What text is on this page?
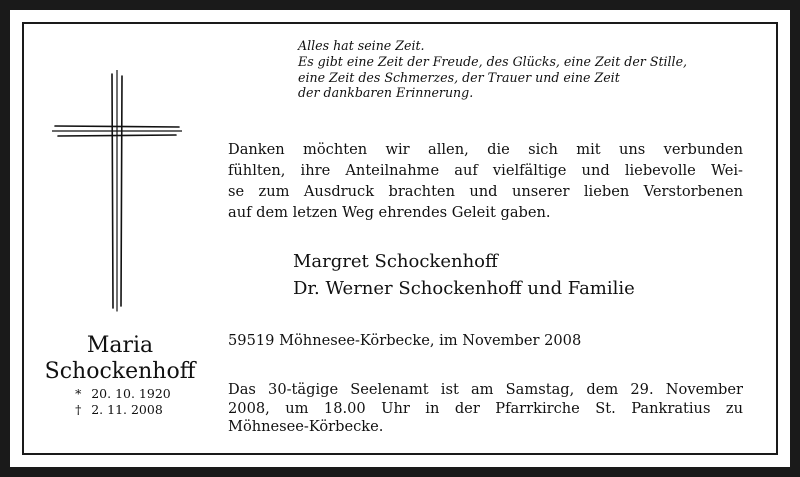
Alles hat seine Zeit.
Es gibt eine Zeit der Freude, des Glücks, eine Zeit der Stille,
eine Zeit des Schmerzes, der Trauer und eine Zeit
der dankbaren Erinnerung.
Danken möchten wir allen, die sich mit uns verbunden
fühlten, ihre Anteilnahme auf vielfältige und liebevolle Wei-
se zum Ausdruck brachten und unserer lieben Verstorbenen
auf dem letzen Weg ehrendes Geleit gaben.
Margret Schockenhoff
Dr. Werner Schockenhoff und Familie
59519 Möhnesee-Körbecke, im November 2008
Das 30-tägige Seelenamt ist am Samstag, dem 29. November
2008, um 18.00 Uhr in der Pfarrkirche St. Pankratius zu
Möhnesee-Körbecke.
Maria
Schockenhoff
* 20. 10. 1920
† 2. 11. 2008
